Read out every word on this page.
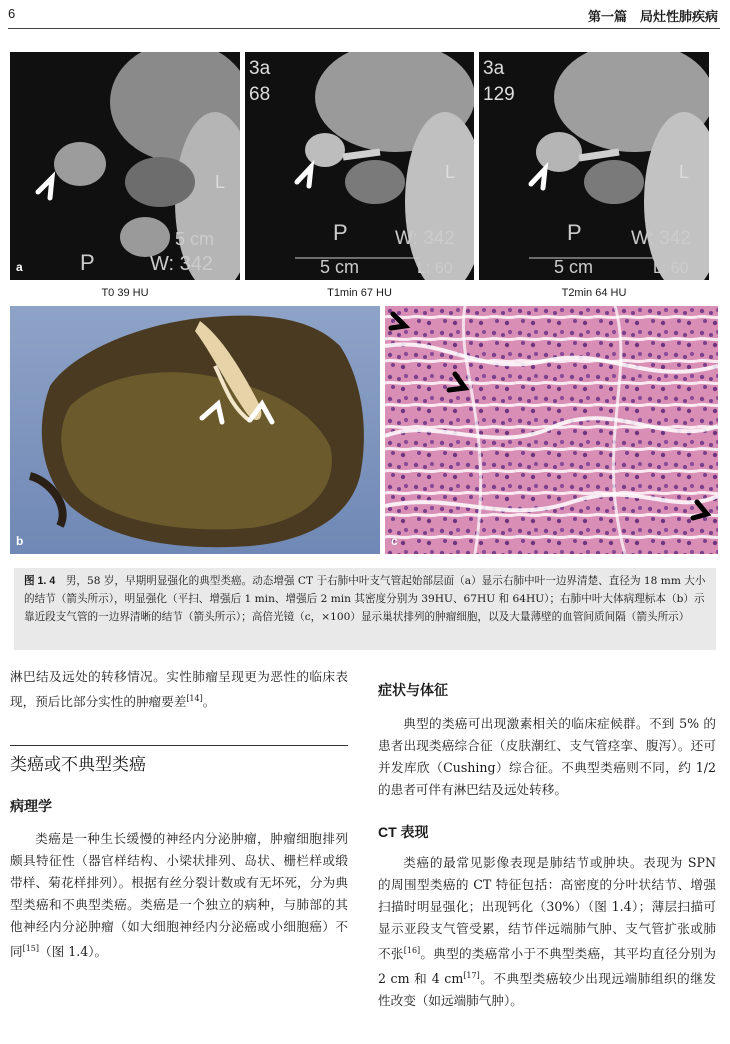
6	第一篇　局灶性肺疾病
a	P	W: 342
5 cm
L
3a
68
P W: 342
5 cm
L
L: 60
3a
129
P	W: 342
5 cm
L
L: 60
T0 39 HU	T1min 67 HU	T2min 64 HU
b	c
图 1. 4　 男，58 岁，早期明显强化的典型类癌。动态增强 CT 于右肺中叶支气管起始部层面（a）显示右肺中叶一边界清楚、直径为 18 mm 大小的结节（箭头所示），明显强化（平扫、增强后 1 min、增强后 2 min 其密度分别为 39HU、67HU 和 64HU）；右肺中叶大体病理标本（b）示靠近段支气管的一边界清晰的结节（箭头所示）；高倍光镜（c，×100）显示巢状排列的肿瘤细胞，以及大量薄壁的血管间质间隔（箭头所示）
淋巴结及远处的转移情况。实性肺瘤呈现更为恶性的临床表现，预后比部分实性的肿瘤要差[14]。
类癌或不典型类癌
病理学
类癌是一种生长缓慢的神经内分泌肿瘤，肿瘤细胞排列颇具特征性（器官样结构、小梁状排列、岛状、栅栏样或缎带样、菊花样排列）。根据有丝分裂计数或有无坏死，分为典型类癌和不典型类癌。类癌是一个独立的病种，与肺部的其他神经内分泌肿瘤（如大细胞神经内分泌癌或小细胞癌）不同[15]（图 1.4）。
症状与体征
典型的类癌可出现激素相关的临床症候群。不到 5% 的患者出现类癌综合征（皮肤潮红、支气管痉挛、腹泻）。还可并发库欣（Cushing）综合征。不典型类癌则不同，约 1/2 的患者可伴有淋巴结及远处转移。
CT 表现
类癌的最常见影像表现是肺结节或肿块。表现为 SPN 的周围型类癌的 CT 特征包括：高密度的分叶状结节、增强扫描时明显强化；出现钙化（30%）（图 1.4）；薄层扫描可显示亚段支气管受累，结节伴远端肺气肿、支气管扩张或肺不张[16]。典型的类癌常小于不典型类癌，其平均直径分别为 2 cm 和 4 cm[17]。不典型类癌较少出现远端肺组织的继发性改变（如远端肺气肿）。
